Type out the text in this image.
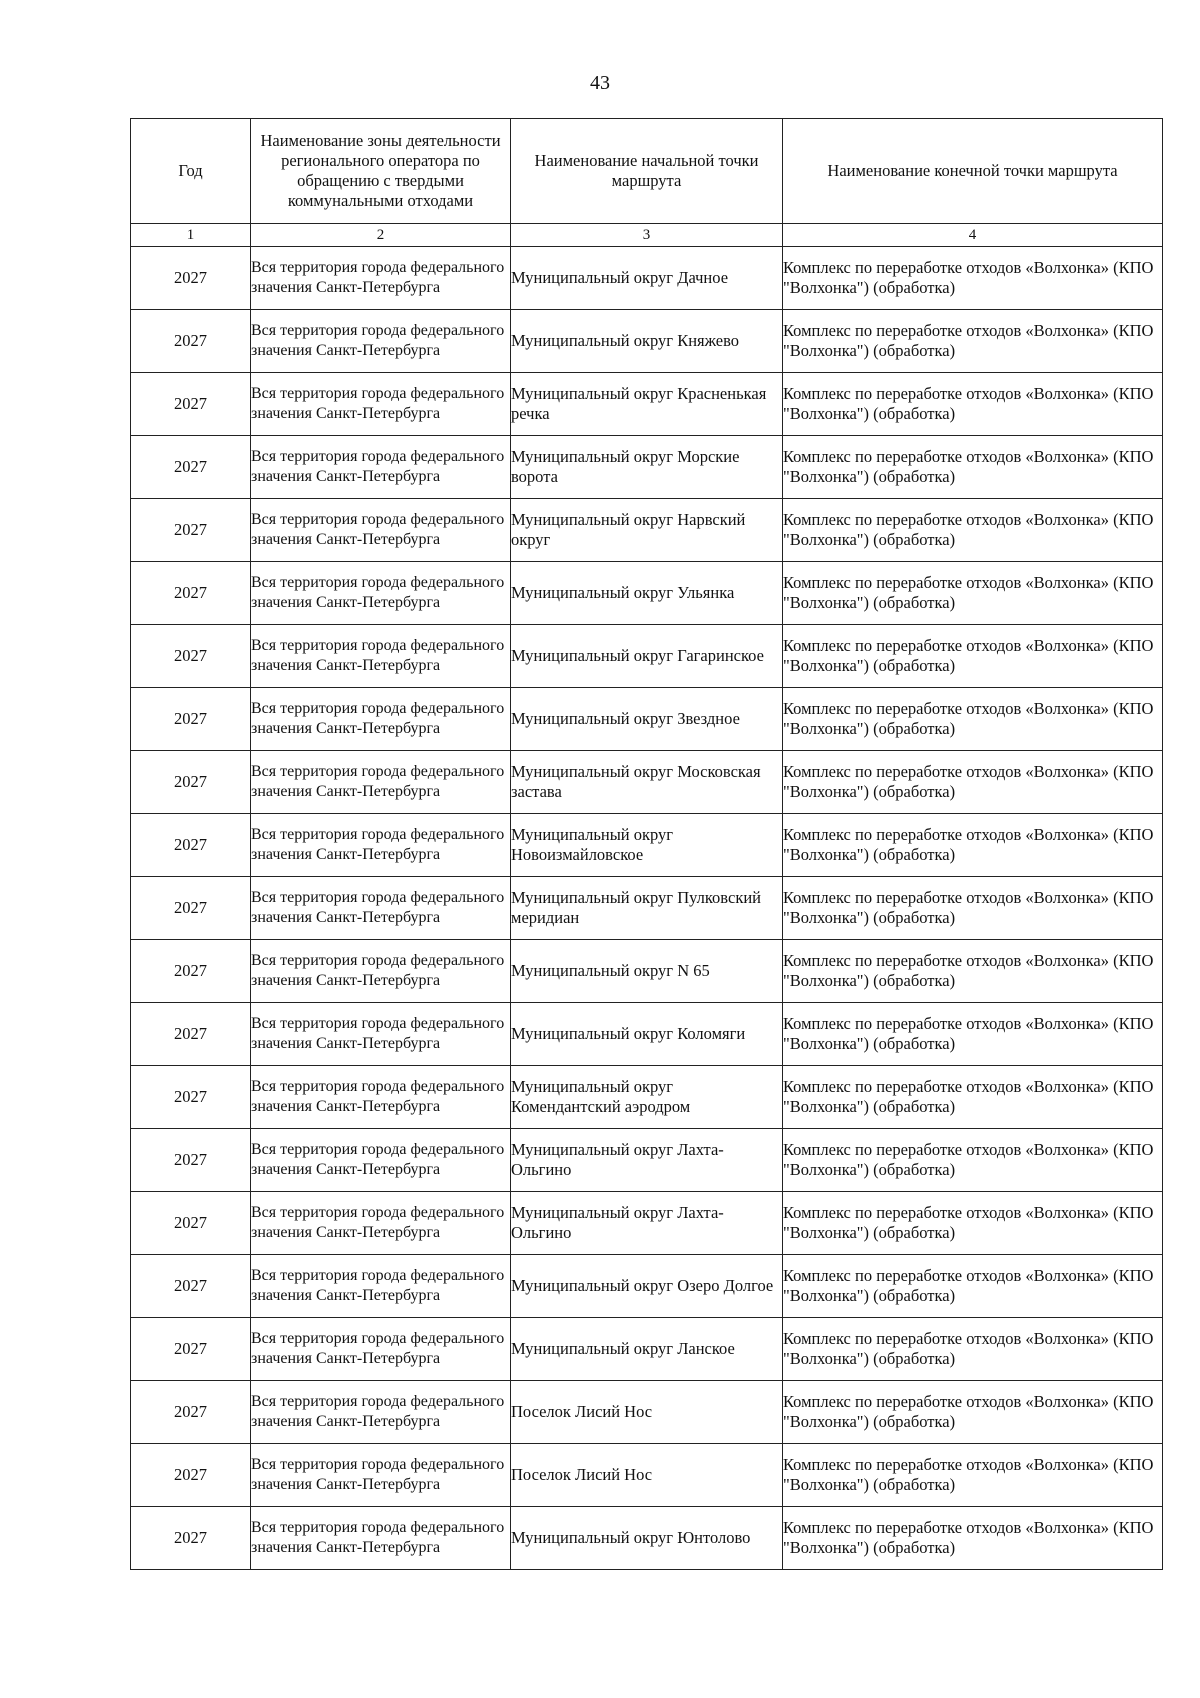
43
Год	Наименование зоны деятельности регионального оператора по обращению с твердыми коммунальными отходами	Наименование начальной точки маршрута	Наименование конечной точки маршрута
1	2	3	4
2027	Вся территория города федерального значения Санкт-Петербурга	Муниципальный округ Дачное	Комплекс по переработке отходов «Волхонка» (КПО "Волхонка") (обработка)
2027	Вся территория города федерального значения Санкт-Петербурга	Муниципальный округ Княжево	Комплекс по переработке отходов «Волхонка» (КПО "Волхонка") (обработка)
2027	Вся территория города федерального значения Санкт-Петербурга	Муниципальный округ Красненькая речка	Комплекс по переработке отходов «Волхонка» (КПО "Волхонка") (обработка)
2027	Вся территория города федерального значения Санкт-Петербурга	Муниципальный округ Морские ворота	Комплекс по переработке отходов «Волхонка» (КПО "Волхонка") (обработка)
2027	Вся территория города федерального значения Санкт-Петербурга	Муниципальный округ Нарвский округ	Комплекс по переработке отходов «Волхонка» (КПО "Волхонка") (обработка)
2027	Вся территория города федерального значения Санкт-Петербурга	Муниципальный округ Ульянка	Комплекс по переработке отходов «Волхонка» (КПО "Волхонка") (обработка)
2027	Вся территория города федерального значения Санкт-Петербурга	Муниципальный округ Гагаринское	Комплекс по переработке отходов «Волхонка» (КПО "Волхонка") (обработка)
2027	Вся территория города федерального значения Санкт-Петербурга	Муниципальный округ Звездное	Комплекс по переработке отходов «Волхонка» (КПО "Волхонка") (обработка)
2027	Вся территория города федерального значения Санкт-Петербурга	Муниципальный округ Московская застава	Комплекс по переработке отходов «Волхонка» (КПО "Волхонка") (обработка)
2027	Вся территория города федерального значения Санкт-Петербурга	Муниципальный округ Новоизмайловское	Комплекс по переработке отходов «Волхонка» (КПО "Волхонка") (обработка)
2027	Вся территория города федерального значения Санкт-Петербурга	Муниципальный округ Пулковский меридиан	Комплекс по переработке отходов «Волхонка» (КПО "Волхонка") (обработка)
2027	Вся территория города федерального значения Санкт-Петербурга	Муниципальный округ N 65	Комплекс по переработке отходов «Волхонка» (КПО "Волхонка") (обработка)
2027	Вся территория города федерального значения Санкт-Петербурга	Муниципальный округ Коломяги	Комплекс по переработке отходов «Волхонка» (КПО "Волхонка") (обработка)
2027	Вся территория города федерального значения Санкт-Петербурга	Муниципальный округ Комендантский аэродром	Комплекс по переработке отходов «Волхонка» (КПО "Волхонка") (обработка)
2027	Вся территория города федерального значения Санкт-Петербурга	Муниципальный округ Лахта-Ольгино	Комплекс по переработке отходов «Волхонка» (КПО "Волхонка") (обработка)
2027	Вся территория города федерального значения Санкт-Петербурга	Муниципальный округ Лахта-Ольгино	Комплекс по переработке отходов «Волхонка» (КПО "Волхонка") (обработка)
2027	Вся территория города федерального значения Санкт-Петербурга	Муниципальный округ Озеро Долгое	Комплекс по переработке отходов «Волхонка» (КПО "Волхонка") (обработка)
2027	Вся территория города федерального значения Санкт-Петербурга	Муниципальный округ Ланское	Комплекс по переработке отходов «Волхонка» (КПО "Волхонка") (обработка)
2027	Вся территория города федерального значения Санкт-Петербурга	Поселок Лисий Нос	Комплекс по переработке отходов «Волхонка» (КПО "Волхонка") (обработка)
2027	Вся территория города федерального значения Санкт-Петербурга	Поселок Лисий Нос	Комплекс по переработке отходов «Волхонка» (КПО "Волхонка") (обработка)
2027	Вся территория города федерального значения Санкт-Петербурга	Муниципальный округ Юнтолово	Комплекс по переработке отходов «Волхонка» (КПО "Волхонка") (обработка)
